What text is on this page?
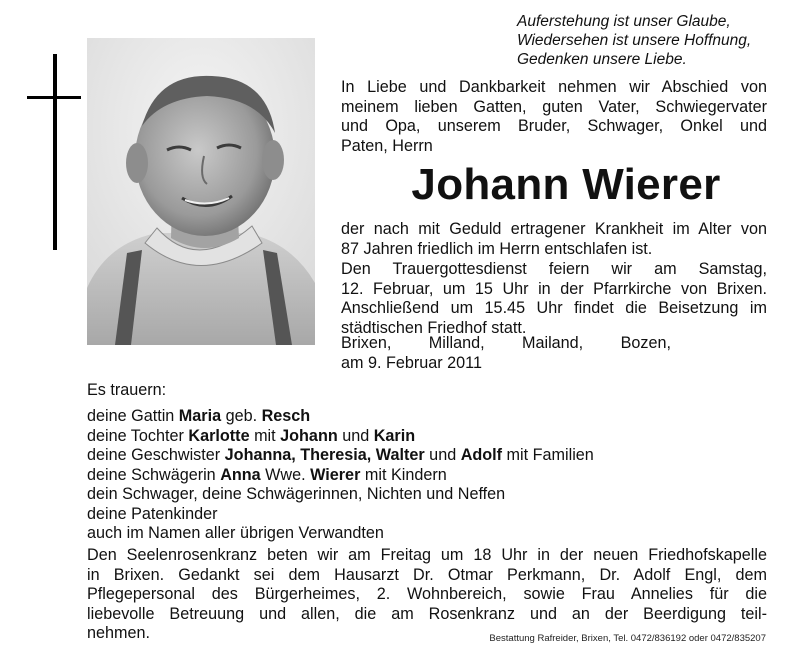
Auferstehung ist unser Glaube,
Wiedersehen ist unsere Hoffnung,
Gedenken unsere Liebe.
In Liebe und Dankbarkeit nehmen wir Abschied von
meinem lieben Gatten, guten Vater, Schwiegervater
und Opa, unserem Bruder, Schwager, Onkel und
Paten, Herrn
Johann Wierer
der nach mit Geduld ertragener Krankheit im Alter von
87 Jahren friedlich im Herrn entschlafen ist.
Den Trauergottesdienst feiern wir am Samstag,
12. Februar, um 15 Uhr in der Pfarrkirche von Brixen.
Anschließend um 15.45 Uhr findet die Beisetzung im
städtischen Friedhof statt.
Brixen, Milland, Mailand, Bozen,
am 9. Februar 2011
Es trauern:
deine Gattin Maria geb. Resch
deine Tochter Karlotte mit Johann und Karin
deine Geschwister Johanna, Theresia, Walter und Adolf mit Familien
deine Schwägerin Anna Wwe. Wierer mit Kindern
dein Schwager, deine Schwägerinnen, Nichten und Neffen
deine Patenkinder
auch im Namen aller übrigen Verwandten
Den Seelenrosenkranz beten wir am Freitag um 18 Uhr in der neuen Friedhofskapelle
in Brixen. Gedankt sei dem Hausarzt Dr. Otmar Perkmann, Dr. Adolf Engl, dem
Pflegepersonal des Bürgerheimes, 2. Wohnbereich, sowie Frau Annelies für die
liebevolle Betreuung und allen, die am Rosenkranz und an der Beerdigung teil-
nehmen.	Bestattung Rafreider, Brixen, Tel. 0472/836192 oder 0472/835207
